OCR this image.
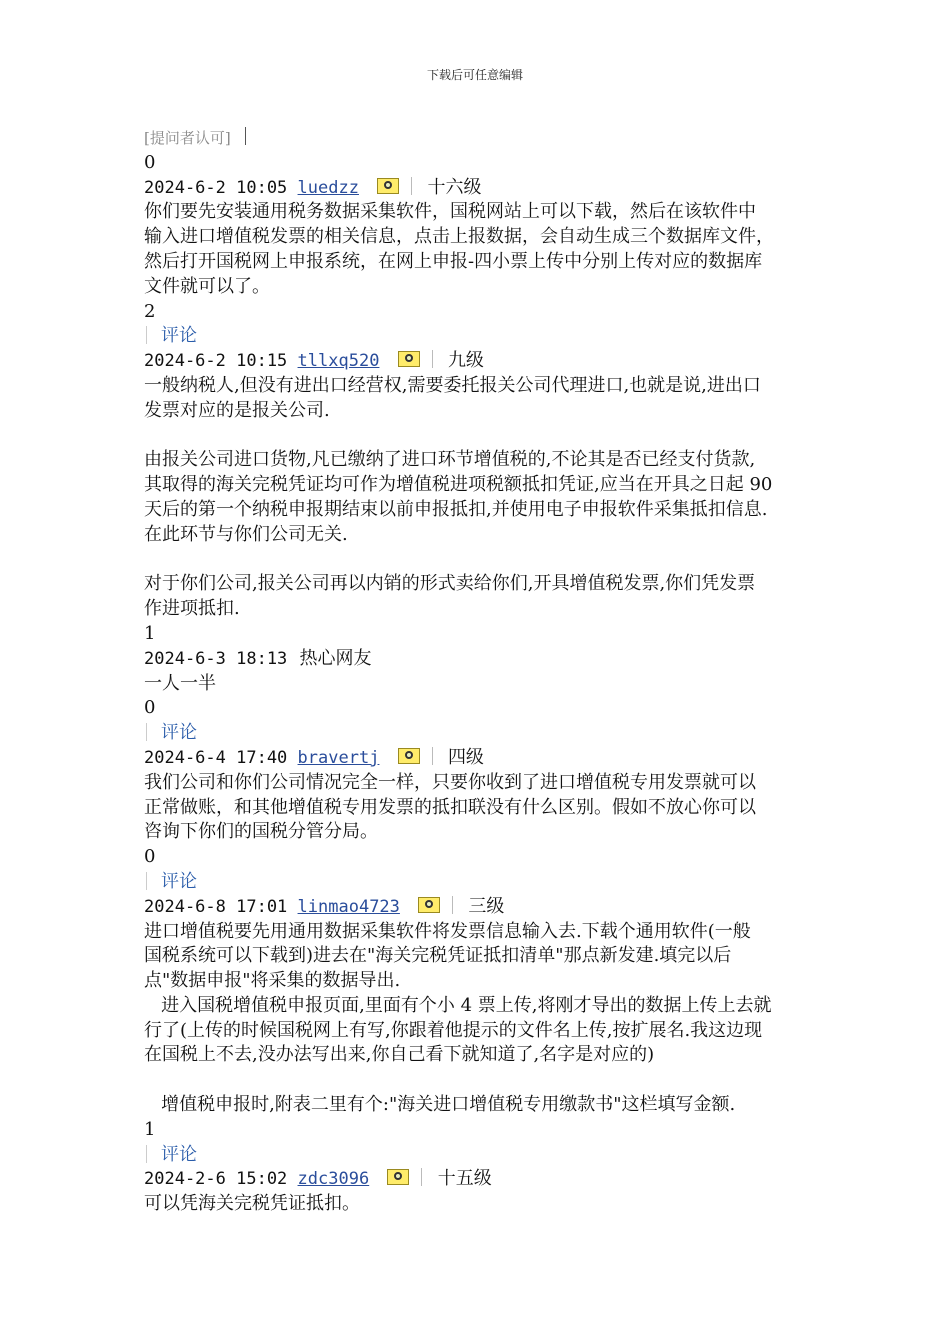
下载后可任意编辑
[提问者认可]
0
2024-6-2 10:05 luedzz	十六级
你们要先安装通用税务数据采集软件，国税网站上可以下载，然后在该软件中
输入进口增值税发票的相关信息，点击上报数据，会自动生成三个数据库文件，
然后打开国税网上申报系统，在网上申报-四小票上传中分别上传对应的数据库
文件就可以了。
2
评论
2024-6-2 10:15 tllxq520	九级
一般纳税人,但没有进出口经营权,需要委托报关公司代理进口,也就是说,进出口
发票对应的是报关公司.
由报关公司进口货物,凡已缴纳了进口环节增值税的,不论其是否已经支付货款,
其取得的海关完税凭证均可作为增值税进项税额抵扣凭证,应当在开具之日起 90
天后的第一个纳税申报期结束以前申报抵扣,并使用电子申报软件采集抵扣信息.
在此环节与你们公司无关.
对于你们公司,报关公司再以内销的形式卖给你们,开具增值税发票,你们凭发票
作进项抵扣.
1
2024-6-3 18:13 热心网友
一人一半
0
评论
2024-6-4 17:40 bravertj	四级
我们公司和你们公司情况完全一样，只要你收到了进口增值税专用发票就可以
正常做账，和其他增值税专用发票的抵扣联没有什么区别。假如不放心你可以
咨询下你们的国税分管分局。
0
评论
2024-6-8 17:01 linmao4723	三级
进口增值税要先用通用数据采集软件将发票信息输入去.下载个通用软件(一般
国税系统可以下载到)进去在"海关完税凭证抵扣清单"那点新发建.填完以后
点"数据申报"将采集的数据导出.
进入国税增值税申报页面,里面有个小 4 票上传,将刚才导出的数据上传上去就
行了(上传的时候国税网上有写,你跟着他提示的文件名上传,按扩展名.我这边现
在国税上不去,没办法写出来,你自己看下就知道了,名字是对应的)
增值税申报时,附表二里有个:"海关进口增值税专用缴款书"这栏填写金额.
1
评论
2024-2-6 15:02 zdc3096	十五级
可以凭海关完税凭证抵扣。
